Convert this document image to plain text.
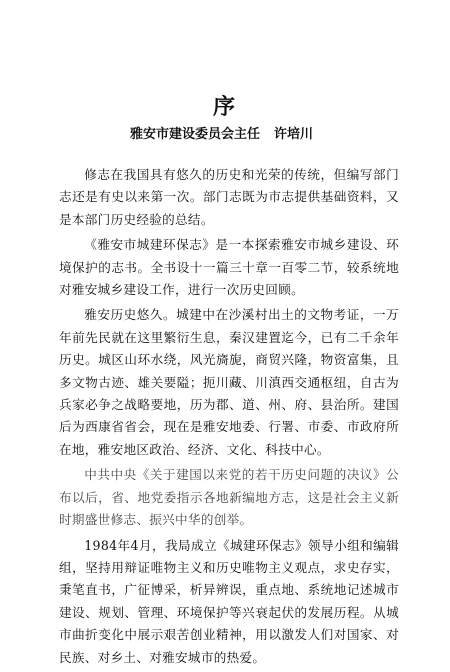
序
雅安市建设委员会主任 许培川

修志在我国具有悠久的历史和光荣的传统，但编写部门志还是有史以来第一次。部门志既为市志提供基础资料，又是本部门历史经验的总结。

《雅安市城建环保志》是一本探索雅安市城乡建设、环境保护的志书。全书设十一篇三十章一百零二节，较系统地对雅安城乡建设工作，进行一次历史回顾。

雅安历史悠久。城建中在沙溪村出土的文物考证，一万年前先民就在这里繁衍生息，秦汉建置迄今，已有二千余年历史。城区山环水绕，风光旖旎，商贸兴隆，物资富集，且多文物古迹、雄关要隘；扼川藏、川滇西交通枢纽，自古为兵家必争之战略要地，历为郡、道、州、府、县治所。建国后为西康省省会，现在是雅安地委、行署、市委、市政府所在地，雅安地区政治、经济、文化、科技中心。

中共中央《关于建国以来党的若干历史问题的决议》公布以后，省、地党委指示各地新编地方志，这是社会主义新时期盛世修志、振兴中华的创举。

1984年4月，我局成立《城建环保志》领导小组和编辑组，坚持用辩证唯物主义和历史唯物主义观点，求史存实，秉笔直书，广征博采，析异辨误，重点地、系统地记述城市建设、规划、管理、环境保护等兴衰起伏的发展历程。从城市曲折变化中展示艰苦创业精神，用以激发人们对国家、对民族、对乡土、对雅安城市的热爱。
